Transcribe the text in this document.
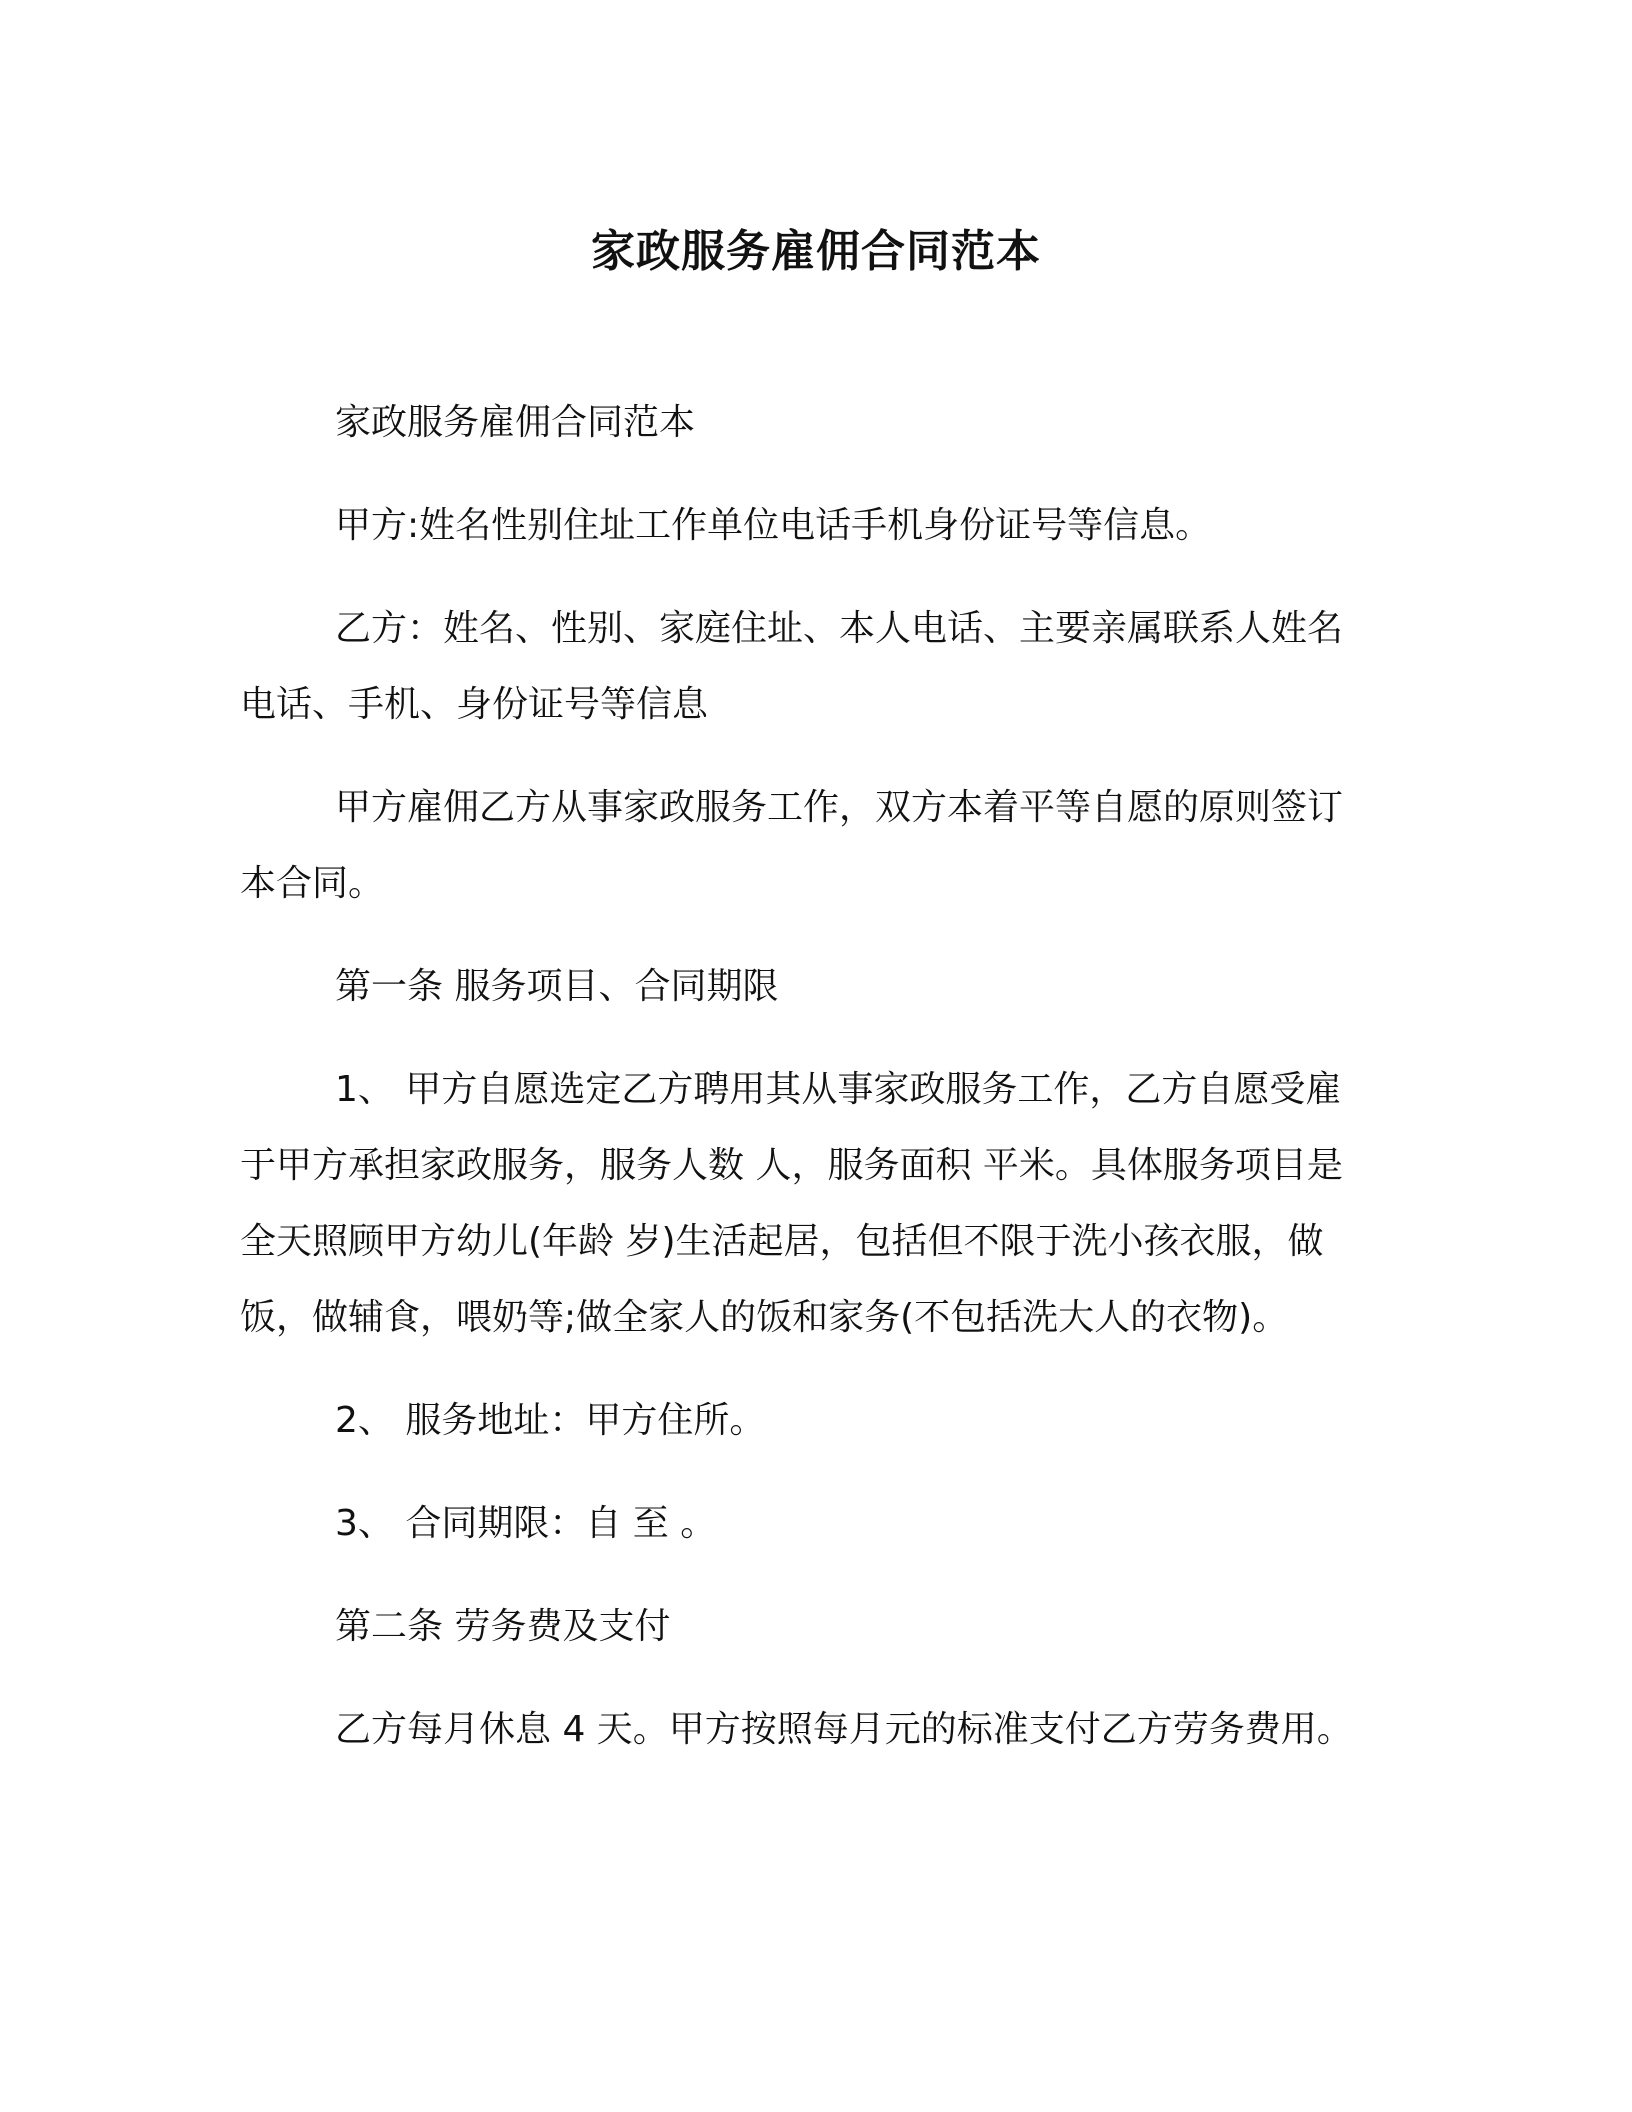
家政服务雇佣合同范本

家政服务雇佣合同范本

甲方:姓名性别住址工作单位电话手机身份证号等信息。

乙方：姓名、性别、家庭住址、本人电话、主要亲属联系人姓名电话、手机、身份证号等信息

甲方雇佣乙方从事家政服务工作，双方本着平等自愿的原则签订本合同。

第一条 服务项目、合同期限

1、 甲方自愿选定乙方聘用其从事家政服务工作，乙方自愿受雇于甲方承担家政服务，服务人数 人，服务面积 平米。具体服务项目是全天照顾甲方幼儿(年龄 岁)生活起居，包括但不限于洗小孩衣服，做饭，做辅食，喂奶等;做全家人的饭和家务(不包括洗大人的衣物)。

2、 服务地址：甲方住所。

3、 合同期限：自 至 。

第二条 劳务费及支付

乙方每月休息 4 天。甲方按照每月元的标准支付乙方劳务费用。
